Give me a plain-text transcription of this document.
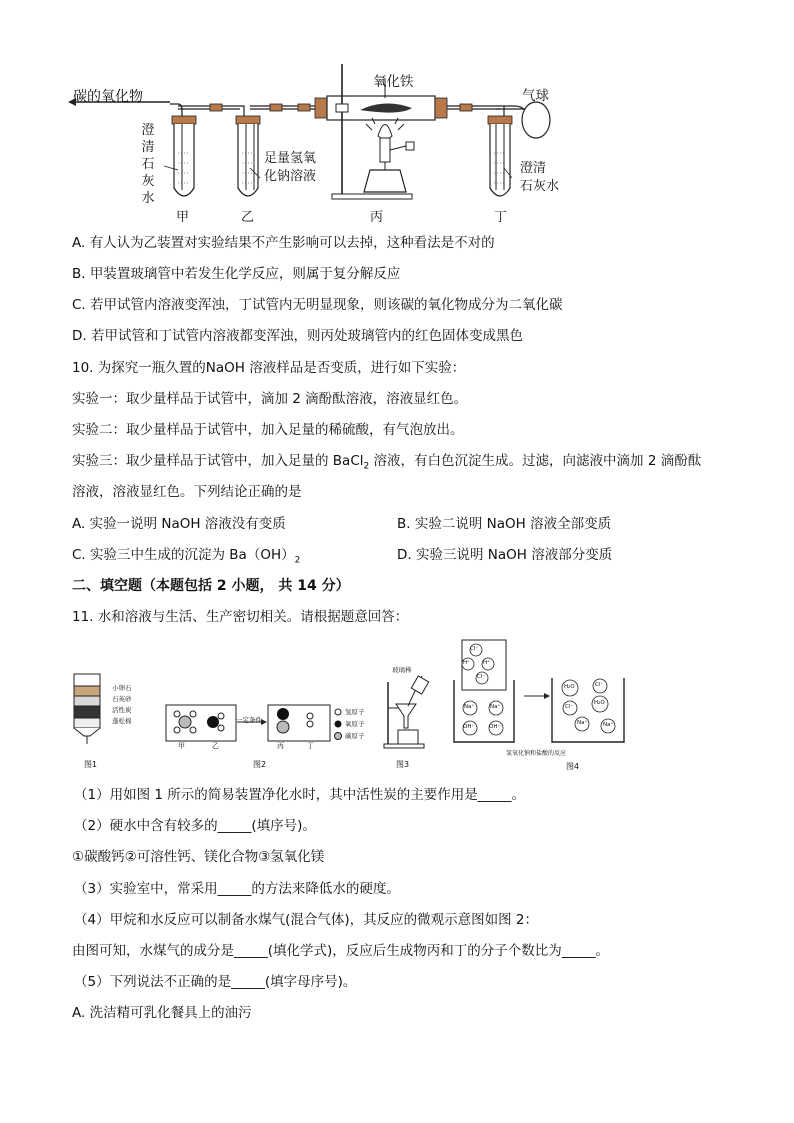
碳的氧化物
澄
清
石
灰
水
足量氢氧
化钠溶液
氧化铁
气球
澄清
石灰水
甲	乙	丙	丁
A. 有人认为乙装置对实验结果不产生影响可以去掉，这种看法是不对的
B. 甲装置玻璃管中若发生化学反应，则属于复分解反应
C. 若甲试管内溶液变浑浊，丁试管内无明显现象，则该碳的氧化物成分为二氧化碳
D. 若甲试管和丁试管内溶液都变浑浊，则丙处玻璃管内的红色固体变成黑色
10. 为探究一瓶久置的NaOH 溶液样品是否变质，进行如下实验：
实验一：取少量样品于试管中，滴加 2 滴酚酞溶液，溶液显红色。
实验二：取少量样品于试管中，加入足量的稀硫酸，有气泡放出。
实验三：取少量样品于试管中，加入足量的 BaCl$_2$ 溶液，有白色沉淀生成。过滤，向滤液中滴加 2 滴酚酞
溶液，溶液显红色。下列结论正确的是
A. 实验一说明 NaOH 溶液没有变质	B. 实验二说明 NaOH 溶液全部变质
C. 实验三中生成的沉淀为 $Ba(OH)_2$	D. 实验三说明 NaOH 溶液部分变质
二、填空题（本题包括 2 小题， 共 14 分）
11. 水和溶液与生活、生产密切相关。请根据题意回答：
小卵石
石英砂
活性炭
蓬松棉
图1
一定条件
甲	乙	丙	丁
氢原子
氧原子
碳原子
图2
玻璃棒
图3
Cl⁻
H⁺ H⁺
Cl⁻
Na⁺	Na⁺
OH⁻	OH⁻
H₂O	Cl⁻
H₂O
Cl⁻
Na⁺	Na⁺
氢氧化钠和盐酸的反应
图4
（1）用如图 1 所示的简易装置净化水时，其中活性炭的主要作用是_____。
（2）硬水中含有较多的_____(填序号)。
①碳酸钙②可溶性钙、镁化合物③氢氧化镁
（3）实验室中，常采用_____的方法来降低水的硬度。
（4）甲烷和水反应可以制备水煤气(混合气体)，其反应的微观示意图如图 2：
由图可知，水煤气的成分是_____(填化学式)，反应后生成物丙和丁的分子个数比为_____。
（5）下列说法不正确的是_____(填字母序号)。
A. 洗洁精可乳化餐具上的油污
